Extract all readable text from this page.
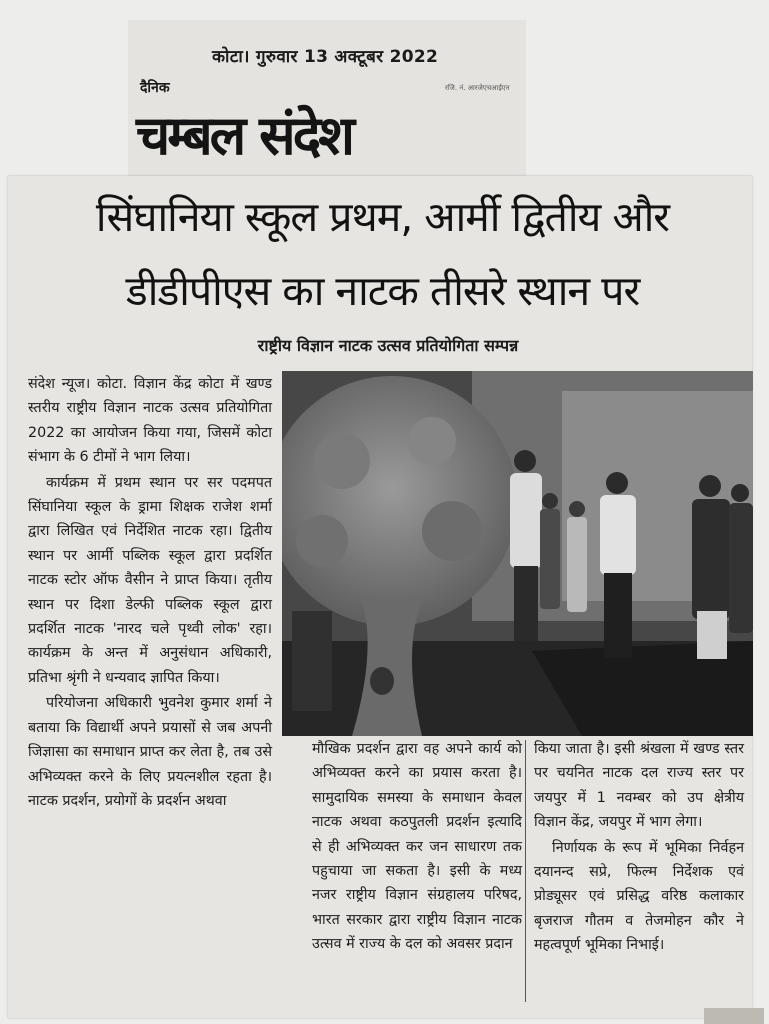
कोटा। गुरुवार 13 अक्टूबर 2022
दैनिक	रजि. नं. आरजेएचआईएन
चम्बल संदेश
सिंघानिया स्कूल प्रथम, आर्मी द्वितीय और
डीडीपीएस का नाटक तीसरे स्थान पर
राष्ट्रीय विज्ञान नाटक उत्सव प्रतियोगिता सम्पन्न

संदेश न्यूज। कोटा. विज्ञान केंद्र कोटा में खण्ड स्तरीय राष्ट्रीय विज्ञान नाटक उत्सव प्रतियोगिता 2022 का आयोजन किया गया, जिसमें कोटा संभाग के 6 टीमों ने भाग लिया।

कार्यक्रम में प्रथम स्थान पर सर पदमपत सिंघानिया स्कूल के ड्रामा शिक्षक राजेश शर्मा द्वारा लिखित एवं निर्देशित नाटक रहा। द्वितीय स्थान पर आर्मी पब्लिक स्कूल द्वारा प्रदर्शित नाटक स्टोर ऑफ वैसीन ने प्राप्त किया। तृतीय स्थान पर दिशा डेल्फी पब्लिक स्कूल द्वारा प्रदर्शित नाटक 'नारद चले पृथ्वी लोक' रहा। कार्यक्रम के अन्त में अनुसंधान अधिकारी, प्रतिभा श्रृंगी ने धन्यवाद ज्ञापित किया।

परियोजना अधिकारी भुवनेश कुमार शर्मा ने बताया कि विद्यार्थी अपने प्रयासों से जब अपनी जिज्ञासा का समाधान प्राप्त कर लेता है, तब उसे अभिव्यक्त करने के लिए प्रयत्नशील रहता है। नाटक प्रदर्शन, प्रयोगों के प्रदर्शन अथवा

मौखिक प्रदर्शन द्वारा वह अपने कार्य को अभिव्यक्त करने का प्रयास करता है। सामुदायिक समस्या के समाधान केवल नाटक अथवा कठपुतली प्रदर्शन इत्यादि से ही अभिव्यक्त कर जन साधारण तक पहुचाया जा सकता है। इसी के मध्य नजर राष्ट्रीय विज्ञान संग्रहालय परिषद, भारत सरकार द्वारा राष्ट्रीय विज्ञान नाटक उत्सव में राज्य के दल को अवसर प्रदान

किया जाता है। इसी श्रंखला में खण्ड स्तर पर चयनित नाटक दल राज्य स्तर पर जयपुर में 1 नवम्बर को उप क्षेत्रीय विज्ञान केंद्र, जयपुर में भाग लेगा।

निर्णायक के रूप में भूमिका निर्वहन दयानन्द सप्रे, फिल्म निर्देशक एवं प्रोड्यूसर एवं प्रसिद्ध वरिष्ठ कलाकार बृजराज गौतम व तेजमोहन कौर ने महत्वपूर्ण भूमिका निभाई।
